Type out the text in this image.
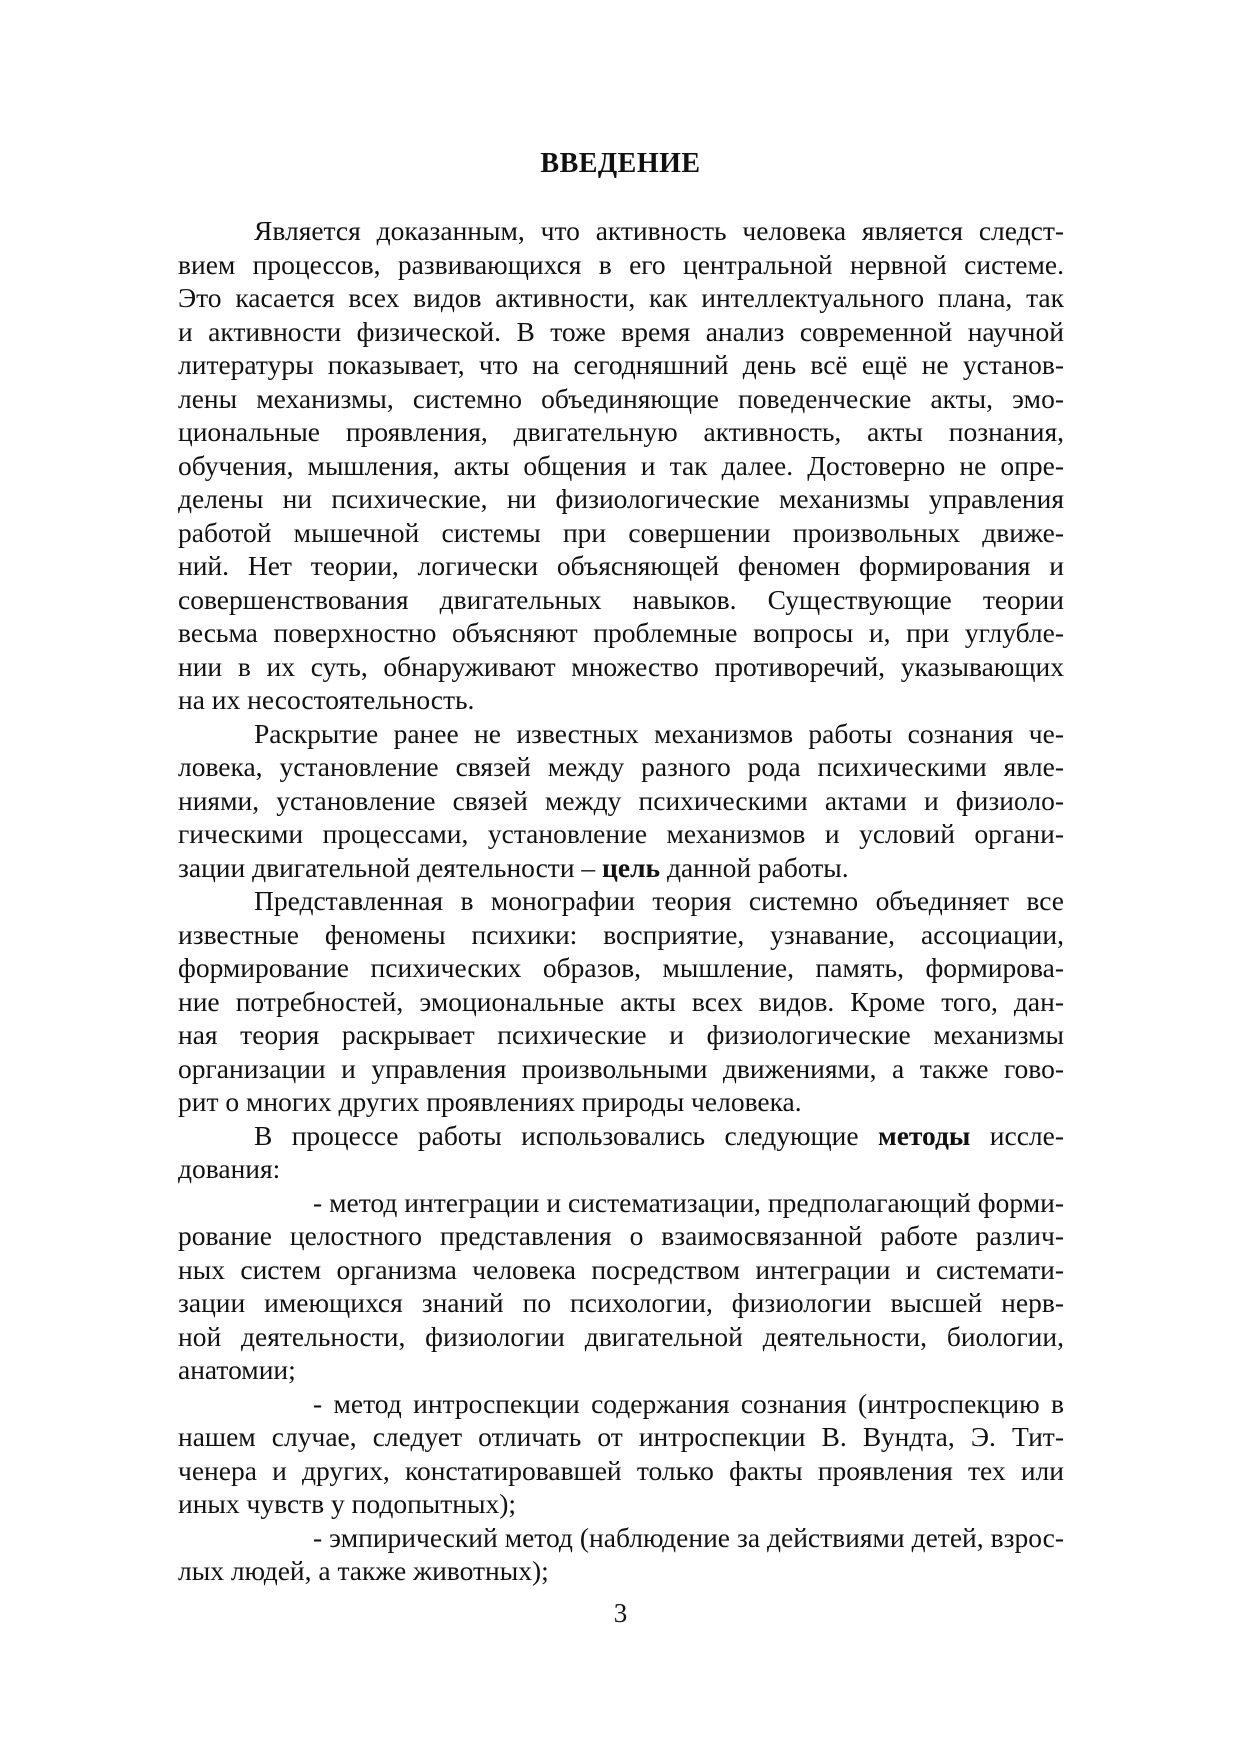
ВВЕДЕНИЕ
Является доказанным, что активность человека является следст-
вием процессов, развивающихся в его центральной нервной системе.
Это касается всех видов активности, как интеллектуального плана, так
и активности физической. В тоже время анализ современной научной
литературы показывает, что на сегодняшний день всё ещё не установ-
лены механизмы, системно объединяющие поведенческие акты, эмо-
циональные проявления, двигательную активность, акты познания,
обучения, мышления, акты общения и так далее. Достоверно не опре-
делены ни психические, ни физиологические механизмы управления
работой мышечной системы при совершении произвольных движе-
ний. Нет теории, логически объясняющей феномен формирования и
совершенствования двигательных навыков. Существующие теории
весьма поверхностно объясняют проблемные вопросы и, при углубле-
нии в их суть, обнаруживают множество противоречий, указывающих
на их несостоятельность.
Раскрытие ранее не известных механизмов работы сознания че-
ловека, установление связей между разного рода психическими явле-
ниями, установление связей между психическими актами и физиоло-
гическими процессами, установление механизмов и условий органи-
зации двигательной деятельности – цель данной работы.
Представленная в монографии теория системно объединяет все
известные феномены психики: восприятие, узнавание, ассоциации,
формирование психических образов, мышление, память, формирова-
ние потребностей, эмоциональные акты всех видов. Кроме того, дан-
ная теория раскрывает психические и физиологические механизмы
организации и управления произвольными движениями, а также гово-
рит о многих других проявлениях природы человека.
В процессе работы использовались следующие методы иссле-
дования:
- метод интеграции и систематизации, предполагающий форми-
рование целостного представления о взаимосвязанной работе различ-
ных систем организма человека посредством интеграции и системати-
зации имеющихся знаний по психологии, физиологии высшей нерв-
ной деятельности, физиологии двигательной деятельности, биологии,
анатомии;
- метод интроспекции содержания сознания (интроспекцию в
нашем случае, следует отличать от интроспекции В. Вундта, Э. Тит-
ченера и других, констатировавшей только факты проявления тех или
иных чувств у подопытных);
- эмпирический метод (наблюдение за действиями детей, взрос-
лых людей, а также животных);
3
